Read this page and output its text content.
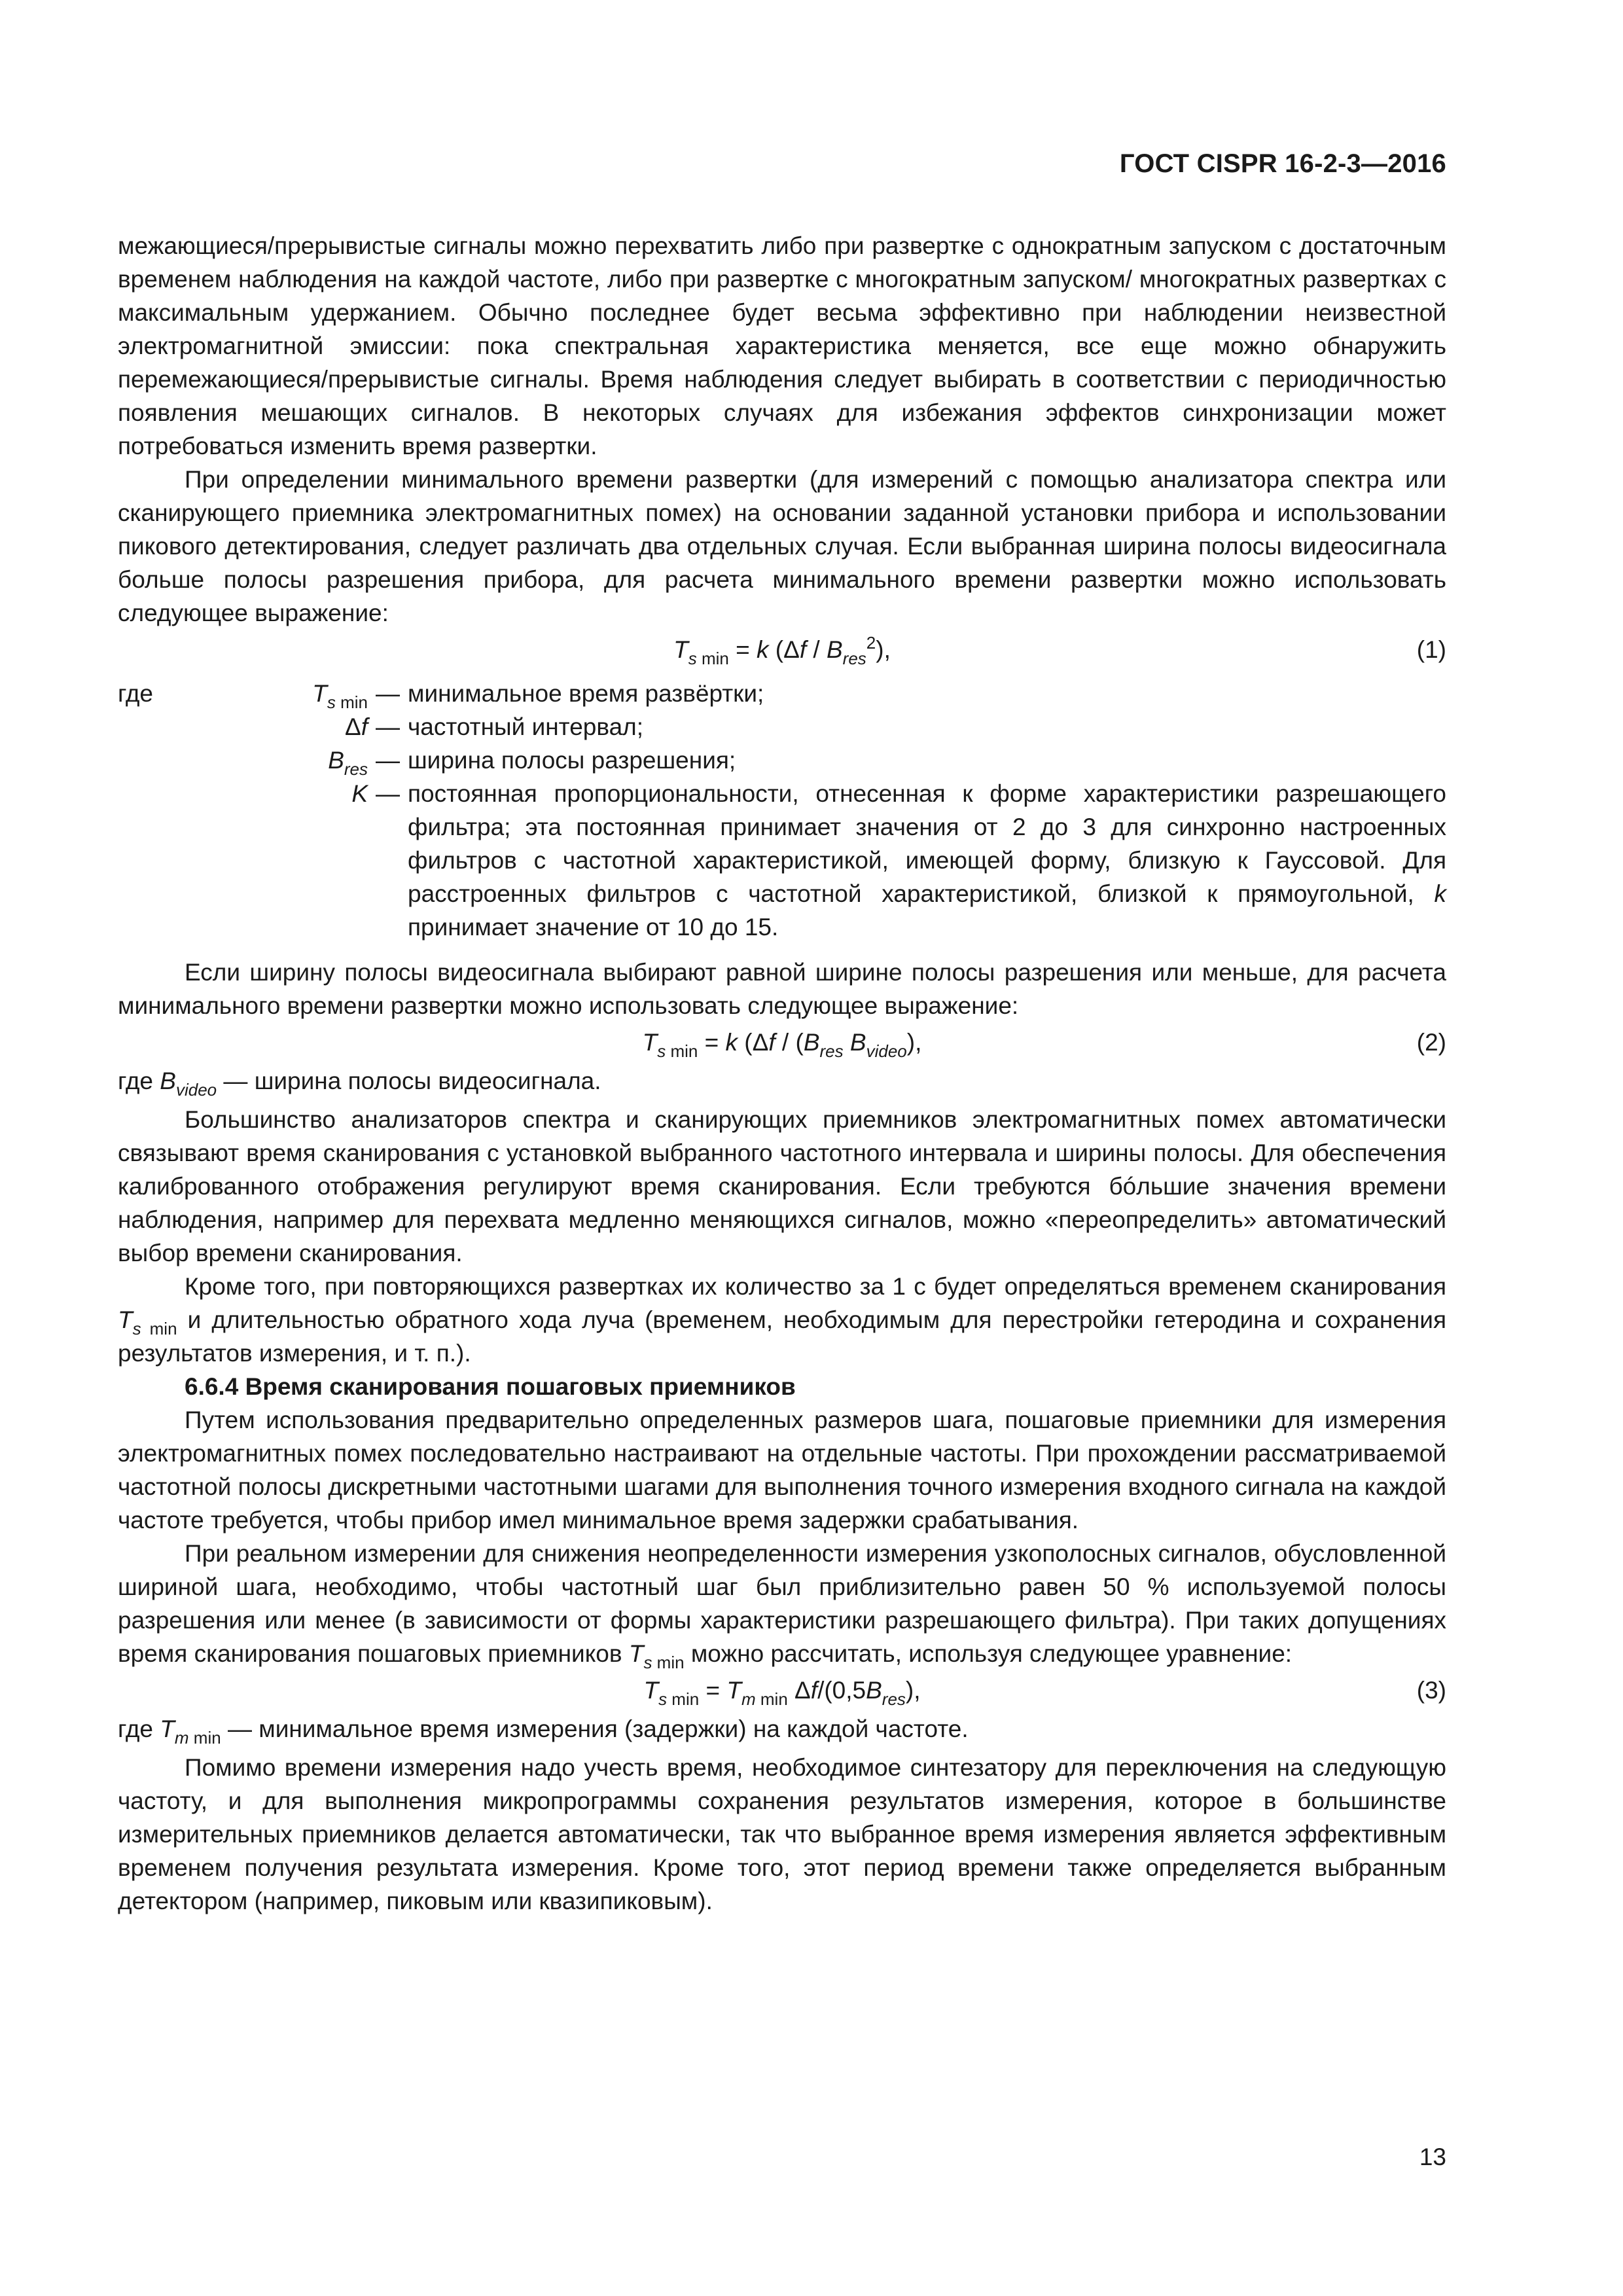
ГОСТ CISPR 16-2-3—2016

межающиеся/прерывистые сигналы можно перехватить либо при развертке с однократным запуском с достаточным временем наблюдения на каждой частоте, либо при развертке с многократным запуском/ многократных развертках с максимальным удержанием. Обычно последнее будет весьма эффективно при наблюдении неизвестной электромагнитной эмиссии: пока спектральная характеристика меняется, все еще можно обнаружить перемежающиеся/прерывистые сигналы. Время наблюдения следует выбирать в соответствии с периодичностью появления мешающих сигналов. В некоторых случаях для избежания эффектов синхронизации может потребоваться изменить время развертки.

При определении минимального времени развертки (для измерений с помощью анализатора спектра или сканирующего приемника электромагнитных помех) на основании заданной установки прибора и использовании пикового детектирования, следует различать два отдельных случая. Если выбранная ширина полосы видеосигнала больше полосы разрешения прибора, для расчета минимального времени развертки можно использовать следующее выражение:

$T_{s min} = k$ $(\Delta f / B_{res}^2)$,	(1)
где	$T_{s min}$ — минимальное время развёртки;
Δf — частотный интервал;
$B_{res}$ — ширина полосы разрешения;
K — постоянная пропорциональности, отнесенная к форме характеристики разрешающего фильтра; эта постоянная принимает значения от 2 до 3 для синхронно настроенных фильтров с частотной характеристикой, имеющей форму, близкую к Гауссовой. Для расстроенных фильтров с частотной характеристикой, близкой к прямоугольной, k принимает значение от 10 до 15.

Если ширину полосы видеосигнала выбирают равной ширине полосы разрешения или меньше, для расчета минимального времени развертки можно использовать следующее выражение:

$T_{s min} = k$ ($\Delta f / (B_{res}$ $B_{video}$),	(2)
где $B_{video}$ — ширина полосы видеосигнала.

Большинство анализаторов спектра и сканирующих приемников электромагнитных помех автоматически связывают время сканирования с установкой выбранного частотного интервала и ширины полосы. Для обеспечения калиброванного отображения регулируют время сканирования. Если требуются бóльшие значения времени наблюдения, например для перехвата медленно меняющихся сигналов, можно «переопределить» автоматический выбор времени сканирования.

Кроме того, при повторяющихся развертках их количество за 1 с будет определяться временем сканирования $T_{s min}$ и длительностью обратного хода луча (временем, необходимым для перестройки гетеродина и сохранения результатов измерения, и т. п.).

6.6.4 Время сканирования пошаговых приемников

Путем использования предварительно определенных размеров шага, пошаговые приемники для измерения электромагнитных помех последовательно настраивают на отдельные частоты. При прохождении рассматриваемой частотной полосы дискретными частотными шагами для выполнения точного измерения входного сигнала на каждой частоте требуется, чтобы прибор имел минимальное время задержки срабатывания.

При реальном измерении для снижения неопределенности измерения узкополосных сигналов, обусловленной шириной шага, необходимо, чтобы частотный шаг был приблизительно равен 50 % используемой полосы разрешения или менее (в зависимости от формы характеристики разрешающего фильтра). При таких допущениях время сканирования пошаговых приемников $T_{s min}$ можно рассчитать, используя следующее уравнение:

$T_{s min} = T_{m min}$ $\Delta f/(0,5B_{res})$,	(3)
где $T_{m min}$ — минимальное время измерения (задержки) на каждой частоте.

Помимо времени измерения надо учесть время, необходимое синтезатору для переключения на следующую частоту, и для выполнения микропрограммы сохранения результатов измерения, которое в большинстве измерительных приемников делается автоматически, так что выбранное время измерения является эффективным временем получения результата измерения. Кроме того, этот период времени также определяется выбранным детектором (например, пиковым или квазипиковым).

13
